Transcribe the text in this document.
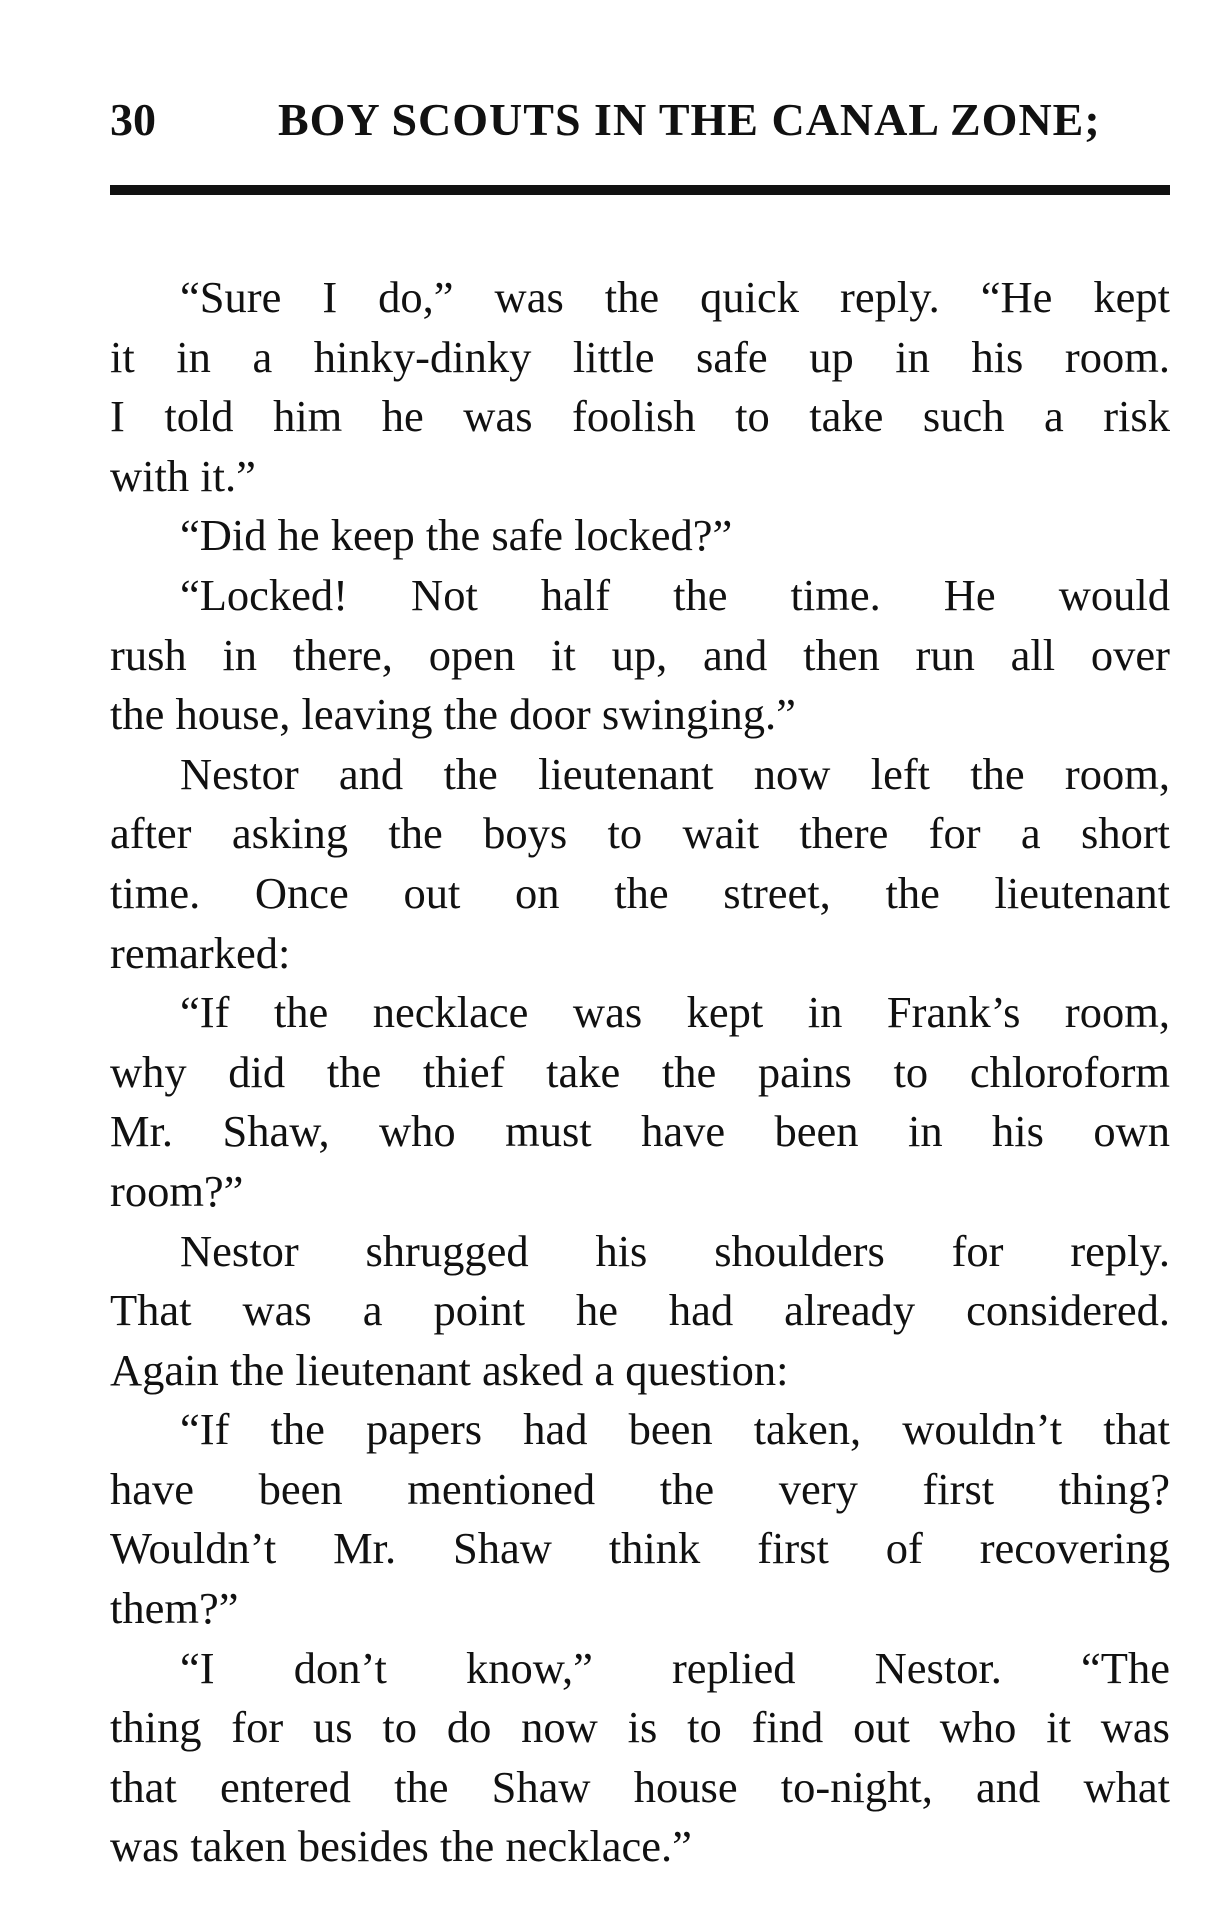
30	BOY SCOUTS IN THE CANAL ZONE;
“Sure I do,” was the quick reply. “He kept
it in a hinky-dinky little safe up in his room.
I told him he was foolish to take such a risk
with it.”
“Did he keep the safe locked?”
“Locked! Not half the time. He would
rush in there, open it up, and then run all over
the house, leaving the door swinging.”
Nestor and the lieutenant now left the room,
after asking the boys to wait there for a short
time. Once out on the street, the lieutenant
remarked:
“If the necklace was kept in Frank’s room,
why did the thief take the pains to chloroform
Mr. Shaw, who must have been in his own
room?”
Nestor shrugged his shoulders for reply.
That was a point he had already considered.
Again the lieutenant asked a question:
“If the papers had been taken, wouldn’t that
have been mentioned the very first thing?
Wouldn’t Mr. Shaw think first of recovering
them?”
“I don’t know,” replied Nestor. “The
thing for us to do now is to find out who it was
that entered the Shaw house to-night, and what
was taken besides the necklace.”
